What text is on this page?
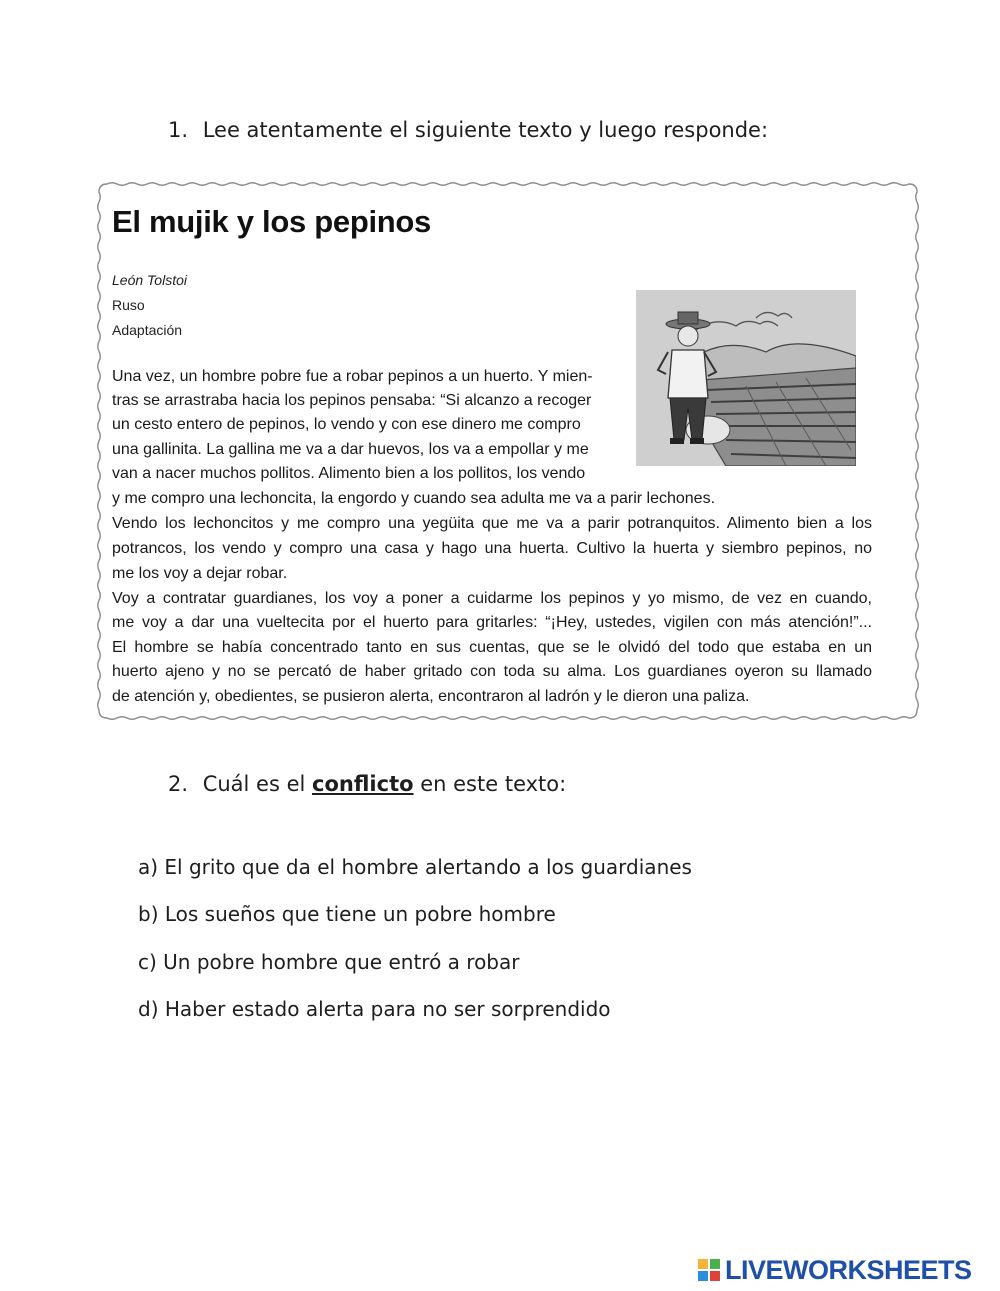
1. Lee atentamente el siguiente texto y luego responde:
El mujik y los pepinos
León Tolstoi
Ruso
Adaptación
Una vez, un hombre pobre fue a robar pepinos a un huerto. Y mien-
tras se arrastraba hacia los pepinos pensaba: “Si alcanzo a recoger
un cesto entero de pepinos, lo vendo y con ese dinero me compro
una gallinita. La gallina me va a dar huevos, los va a empollar y me
van a nacer muchos pollitos. Alimento bien a los pollitos, los vendo
y me compro una lechoncita, la engordo y cuando sea adulta me va a parir lechones.
Vendo los lechoncitos y me compro una yegüita que me va a parir potranquitos. Alimento bien a los
potrancos, los vendo y compro una casa y hago una huerta. Cultivo la huerta y siembro pepinos, no
me los voy a dejar robar.
Voy a contratar guardianes, los voy a poner a cuidarme los pepinos y yo mismo, de vez en cuando,
me voy a dar una vueltecita por el huerto para gritarles: “¡Hey, ustedes, vigilen con más atención!”...
El hombre se había concentrado tanto en sus cuentas, que se le olvidó del todo que estaba en un
huerto ajeno y no se percató de haber gritado con toda su alma. Los guardianes oyeron su llamado
de atención y, obedientes, se pusieron alerta, encontraron al ladrón y le dieron una paliza.
2. Cuál es el conflicto en este texto:
a) El grito que da el hombre alertando a los guardianes
b) Los sueños que tiene un pobre hombre
c) Un pobre hombre que entró a robar
d) Haber estado alerta para no ser sorprendido
LIVEWORKSHEETS
